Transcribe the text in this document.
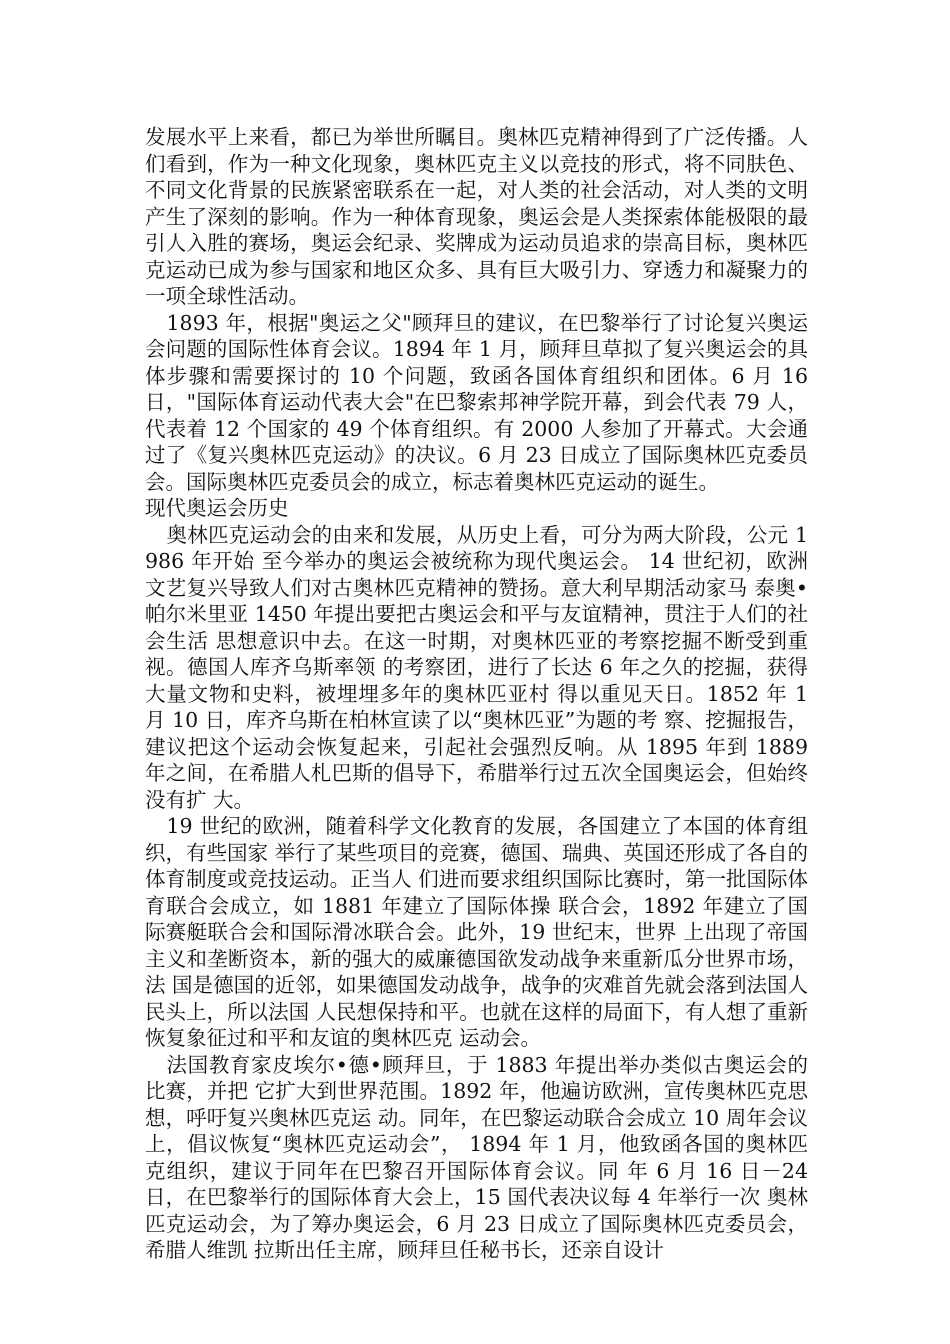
发展水平上来看，都已为举世所瞩目。奥林匹克精神得到了广泛传播。人们看到，作为一种文化现象，奥林匹克主义以竞技的形式，将不同肤色、不同文化背景的民族紧密联系在一起，对人类的社会活动，对人类的文明产生了深刻的影响。作为一种体育现象，奥运会是人类探索体能极限的最引人入胜的赛场，奥运会纪录、奖牌成为运动员追求的崇高目标，奥林匹克运动已成为参与国家和地区众多、具有巨大吸引力、穿透力和凝聚力的一项全球性活动。

1893 年，根据"奥运之父"顾拜旦的建议，在巴黎举行了讨论复兴奥运会问题的国际性体育会议。1894 年 1 月，顾拜旦草拟了复兴奥运会的具体步骤和需要探讨的 10 个问题，致函各国体育组织和团体。6 月 16 日，"国际体育运动代表大会"在巴黎索邦神学院开幕，到会代表 79 人，代表着 12 个国家的 49 个体育组织。有 2000 人参加了开幕式。大会通过了《复兴奥林匹克运动》的决议。6 月 23 日成立了国际奥林匹克委员会。国际奥林匹克委员会的成立，标志着奥林匹克运动的诞生。

现代奥运会历史

奥林匹克运动会的由来和发展，从历史上看，可分为两大阶段，公元 1986 年开始 至今举办的奥运会被统称为现代奥运会。 14 世纪初，欧洲文艺复兴导致人们对古奥林匹克精神的赞扬。意大利早期活动家马 泰奥•帕尔米里亚 1450 年提出要把古奥运会和平与友谊精神，贯注于人们的社会生活 思想意识中去。在这一时期，对奥林匹亚的考察挖掘不断受到重视。德国人库齐乌斯率领 的考察团，进行了长达 6 年之久的挖掘，获得大量文物和史料，被埋埋多年的奥林匹亚村 得以重见天日。1852 年 1 月 10 日，库齐乌斯在柏林宣读了以“奥林匹亚”为题的考 察、挖掘报告，建议把这个运动会恢复起来，引起社会强烈反响。从 1895 年到 1889 年之间，在希腊人札巴斯的倡导下，希腊举行过五次全国奥运会，但始终没有扩 大。

19 世纪的欧洲，随着科学文化教育的发展，各国建立了本国的体育组织，有些国家 举行了某些项目的竞赛，德国、瑞典、英国还形成了各自的体育制度或竞技运动。正当人 们进而要求组织国际比赛时，第一批国际体育联合会成立，如 1881 年建立了国际体操 联合会，1892 年建立了国际赛艇联合会和国际滑冰联合会。此外，19 世纪末，世界 上出现了帝国主义和垄断资本，新的强大的威廉德国欲发动战争来重新瓜分世界市场，法 国是德国的近邻，如果德国发动战争，战争的灾难首先就会落到法国人民头上，所以法国 人民想保持和平。也就在这样的局面下，有人想了重新恢复象征过和平和友谊的奥林匹克 运动会。

法国教育家皮埃尔•德•顾拜旦，于 1883 年提出举办类似古奥运会的比赛，并把 它扩大到世界范围。1892 年，他遍访欧洲，宣传奥林匹克思想，呼吁复兴奥林匹克运 动。同年，在巴黎运动联合会成立 10 周年会议上，倡议恢复“奥林匹克运动会”， 1894 年 1 月，他致函各国的奥林匹克组织，建议于同年在巴黎召开国际体育会议。同 年 6 月 16 日－24 日，在巴黎举行的国际体育大会上，15 国代表决议每 4 年举行一次 奥林匹克运动会，为了筹办奥运会，6 月 23 日成立了国际奥林匹克委员会，希腊人维凯 拉斯出任主席，顾拜旦任秘书长，还亲自设计
